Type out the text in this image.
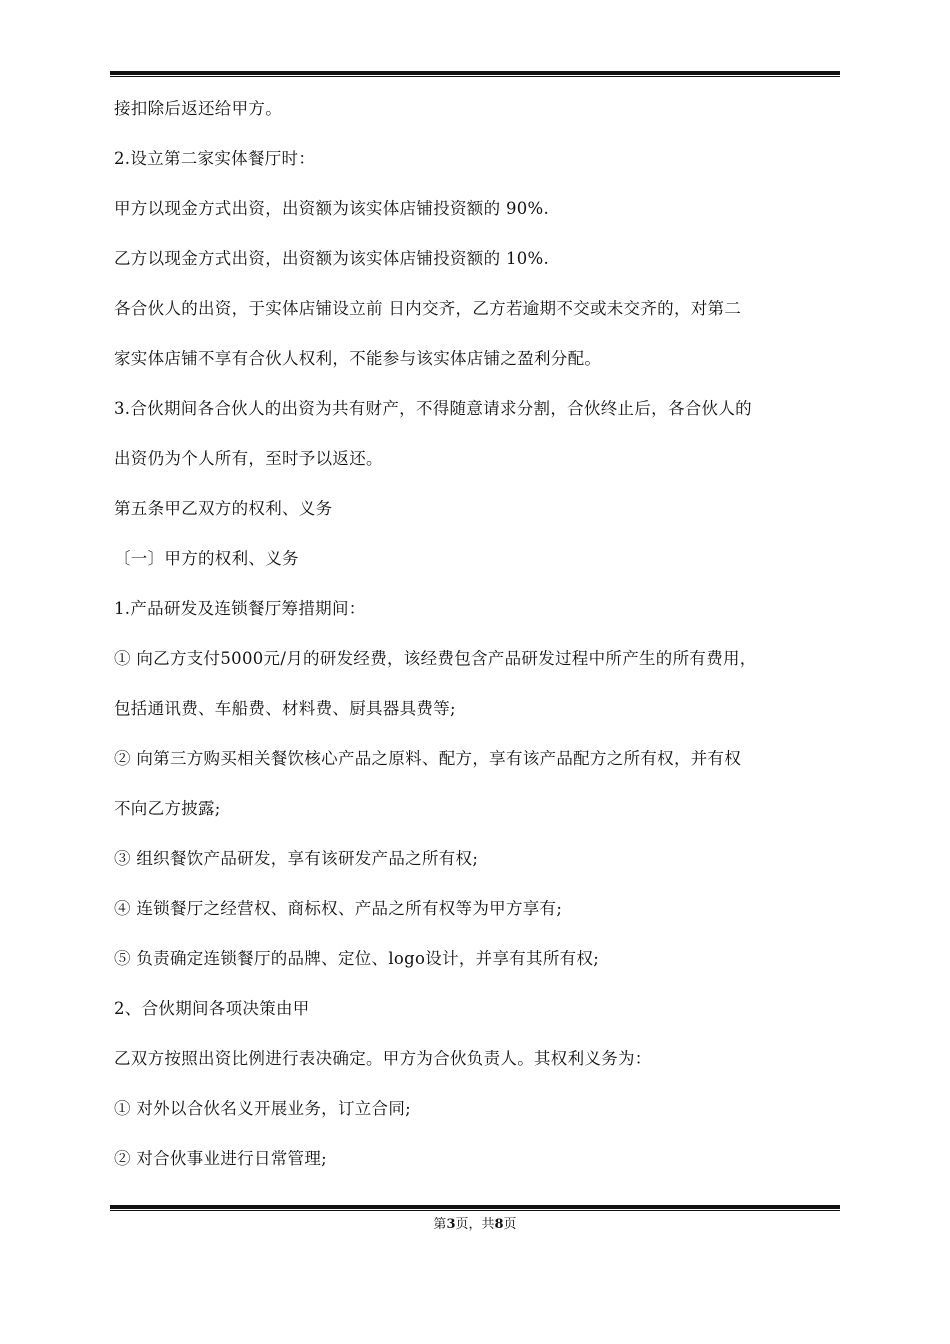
接扣除后返还给甲方。
2.设立第二家实体餐厅时：
甲方以现金方式出资，出资额为该实体店铺投资额的 90%.
乙方以现金方式出资，出资额为该实体店铺投资额的 10%.
各合伙人的出资，于实体店铺设立前 日内交齐，乙方若逾期不交或未交齐的，对第二
家实体店铺不享有合伙人权利，不能参与该实体店铺之盈利分配。
3.合伙期间各合伙人的出资为共有财产，不得随意请求分割，合伙终止后，各合伙人的
出资仍为个人所有，至时予以返还。
第五条甲乙双方的权利、义务
〔一〕甲方的权利、义务
1.产品研发及连锁餐厅筹措期间：
① 向乙方支付5000元/月的研发经费，该经费包含产品研发过程中所产生的所有费用，
包括通讯费、车船费、材料费、厨具器具费等;
② 向第三方购买相关餐饮核心产品之原料、配方，享有该产品配方之所有权，并有权
不向乙方披露;
③ 组织餐饮产品研发，享有该研发产品之所有权;
④ 连锁餐厅之经营权、商标权、产品之所有权等为甲方享有;
⑤ 负责确定连锁餐厅的品牌、定位、logo设计，并享有其所有权;
2、合伙期间各项决策由甲
乙双方按照出资比例进行表决确定。甲方为合伙负责人。其权利义务为：
① 对外以合伙名义开展业务，订立合同;
② 对合伙事业进行日常管理;
第3页，共8页
